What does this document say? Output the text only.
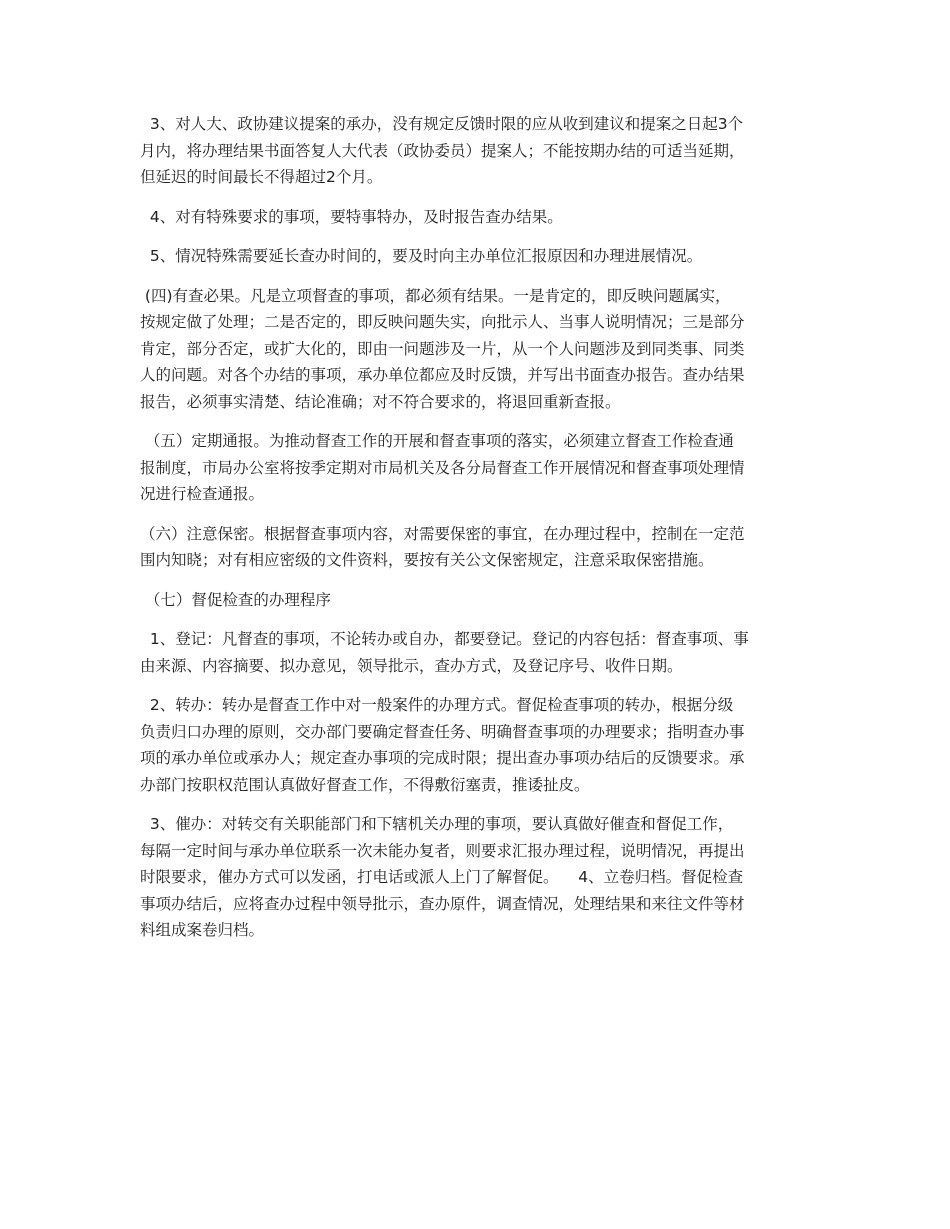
3、对人大、政协建议提案的承办，没有规定反馈时限的应从收到建议和提案之日起3个
月内，将办理结果书面答复人大代表（政协委员）提案人；不能按期办结的可适当延期，
但延迟的时间最长不得超过2个月。

4、对有特殊要求的事项，要特事特办，及时报告查办结果。

5、情况特殊需要延长查办时间的，要及时向主办单位汇报原因和办理进展情况。

(四)有查必果。凡是立项督查的事项，都必须有结果。一是肯定的，即反映问题属实，
按规定做了处理；二是否定的，即反映问题失实，向批示人、当事人说明情况；三是部分
肯定，部分否定，或扩大化的，即由一问题涉及一片，从一个人问题涉及到同类事、同类
人的问题。对各个办结的事项，承办单位都应及时反馈，并写出书面查办报告。查办结果
报告，必须事实清楚、结论准确；对不符合要求的，将退回重新查报。

（五）定期通报。为推动督查工作的开展和督查事项的落实，必须建立督查工作检查通
报制度，市局办公室将按季定期对市局机关及各分局督查工作开展情况和督查事项处理情
况进行检查通报。

（六）注意保密。根据督查事项内容，对需要保密的事宜，在办理过程中，控制在一定范
围内知晓；对有相应密级的文件资料，要按有关公文保密规定，注意采取保密措施。

（七）督促检查的办理程序

1、登记：凡督查的事项，不论转办或自办，都要登记。登记的内容包括：督查事项、事
由来源、内容摘要、拟办意见，领导批示，查办方式，及登记序号、收件日期。

2、转办：转办是督查工作中对一般案件的办理方式。督促检查事项的转办，根据分级
负责归口办理的原则，交办部门要确定督查任务、明确督查事项的办理要求；指明查办事
项的承办单位或承办人；规定查办事项的完成时限；提出查办事项办结后的反馈要求。承
办部门按职权范围认真做好督查工作，不得敷衍塞责，推诿扯皮。

3、催办：对转交有关职能部门和下辖机关办理的事项，要认真做好催查和督促工作，
每隔一定时间与承办单位联系一次未能办复者，则要求汇报办理过程，说明情况，再提出
时限要求，催办方式可以发函，打电话或派人上门了解督促。    4、立卷归档。督促检查
事项办结后，应将查办过程中领导批示，查办原件，调查情况，处理结果和来往文件等材
料组成案卷归档。
